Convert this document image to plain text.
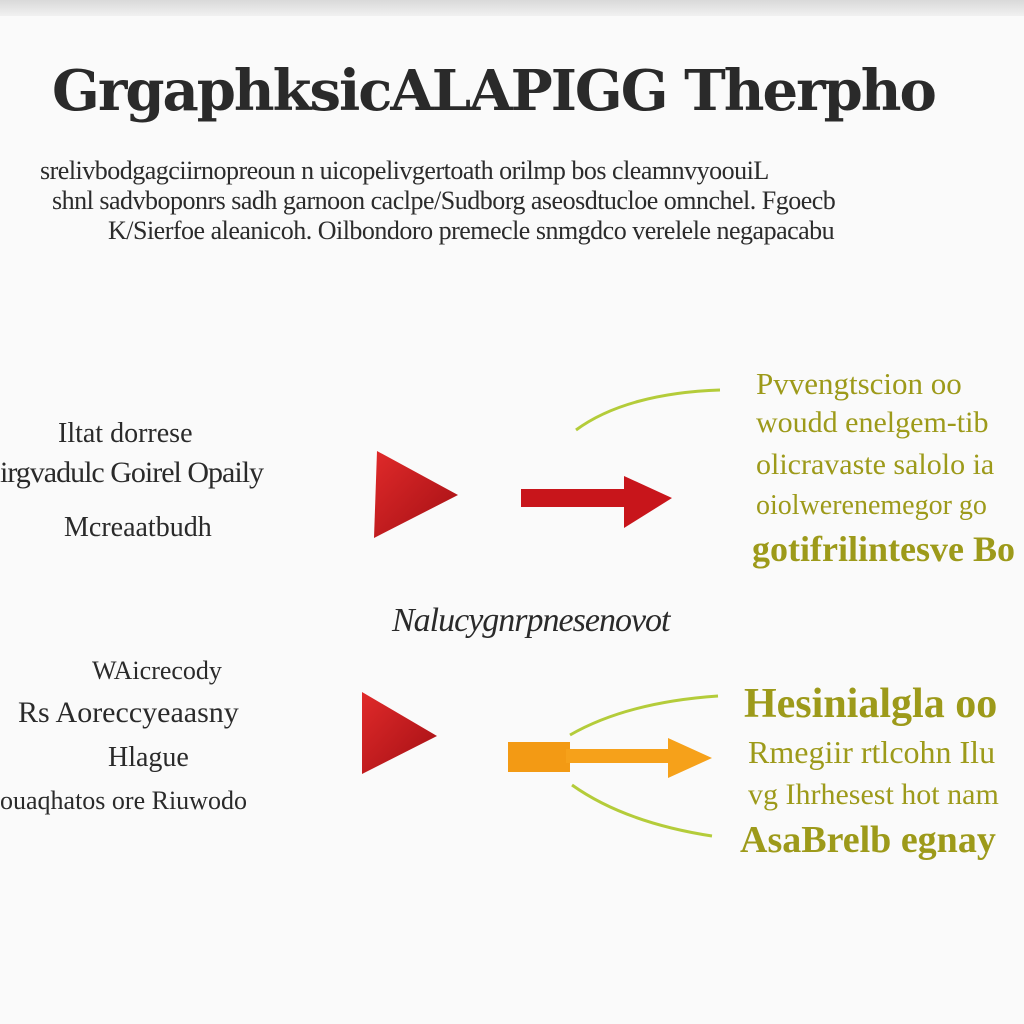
GrgaphksicALAPIGG Therpho
srelivbodgagciirnopreoun n uicopelivgertoath orilmp bos cleamnvyoouiL
shnl sadvboponrs sadh garnoon caclpe/Sudborg aseosdtucloe omnchel. Fgoecb
K/Sierfoe aleanicoh. Oilbondoro premecle snmgdco verelele negapacabu
Iltat dorrese
irgvadulc Goirel Opaily
Mcreaatbudh
Pvvengtscion oo
woudd enelgem-tib
olicravaste salolo ia
oiolwerenemegor go
gotifrilintesve Bo
Nalucygnrpnesenovot
WAicrecody
Rs Aoreccyeaasny
Hlague
ouaqhatos ore Riuwodo
Hesinialgla oo
Rmegiir rtlcohn Ilu
vg Ihrhesest hot nam
AsaBrelb egnay
